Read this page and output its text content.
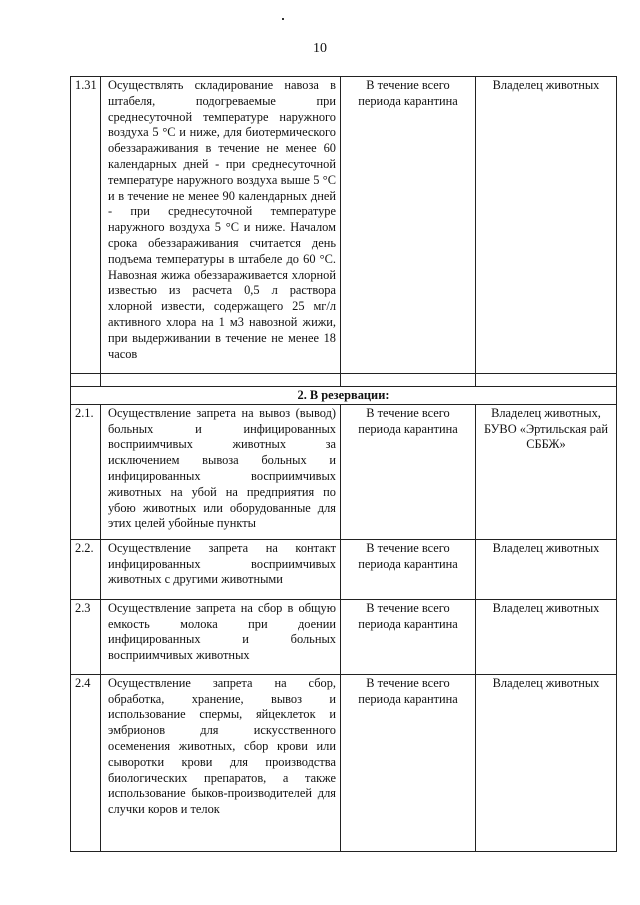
10
1.31	Осуществлять складирование навоза в штабеля, подогреваемые при среднесуточной температуре наружного воздуха 5 °С и ниже, для биотермического обеззараживания в течение не менее 60 календарных дней - при среднесуточной температуре наружного воздуха выше 5 °С и в течение не менее 90 календарных дней - при среднесуточной температуре наружного воздуха 5 °С и ниже. Началом срока обеззараживания считается день подъема температуры в штабеле до 60 °С. Навозная жижа обеззараживается хлорной известью из расчета 0,5 л раствора хлорной извести, содержащего 25 мг/л активного хлора на 1 м3 навозной жижи, при выдерживании в течение не менее 18 часов	В течение всего периода карантина	Владелец животных

2. В резервации:			
2.1.	Осуществление запрета на вывоз (вывод) больных и инфицированных восприимчивых животных за исключением вывоза больных и инфицированных восприимчивых животных на убой на предприятия по убою животных или оборудованные для этих целей убойные пункты	В течение всего периода карантина	Владелец животных, БУВО «Эртильская рай СББЖ»
2.2.	Осуществление запрета на контакт инфицированных восприимчивых животных с другими животными	В течение всего периода карантина	Владелец животных
2.3	Осуществление запрета на сбор в общую емкость молока при доении инфицированных и больных восприимчивых животных	В течение всего периода карантина	Владелец животных
2.4	Осуществление запрета на сбор, обработка, хранение, вывоз и использование спермы, яйцеклеток и эмбрионов для искусственного осеменения животных, сбор крови или сыворотки крови для производства биологических препаратов, а также использование быков-производителей для случки коров и телок	В течение всего периода карантина	Владелец животных
